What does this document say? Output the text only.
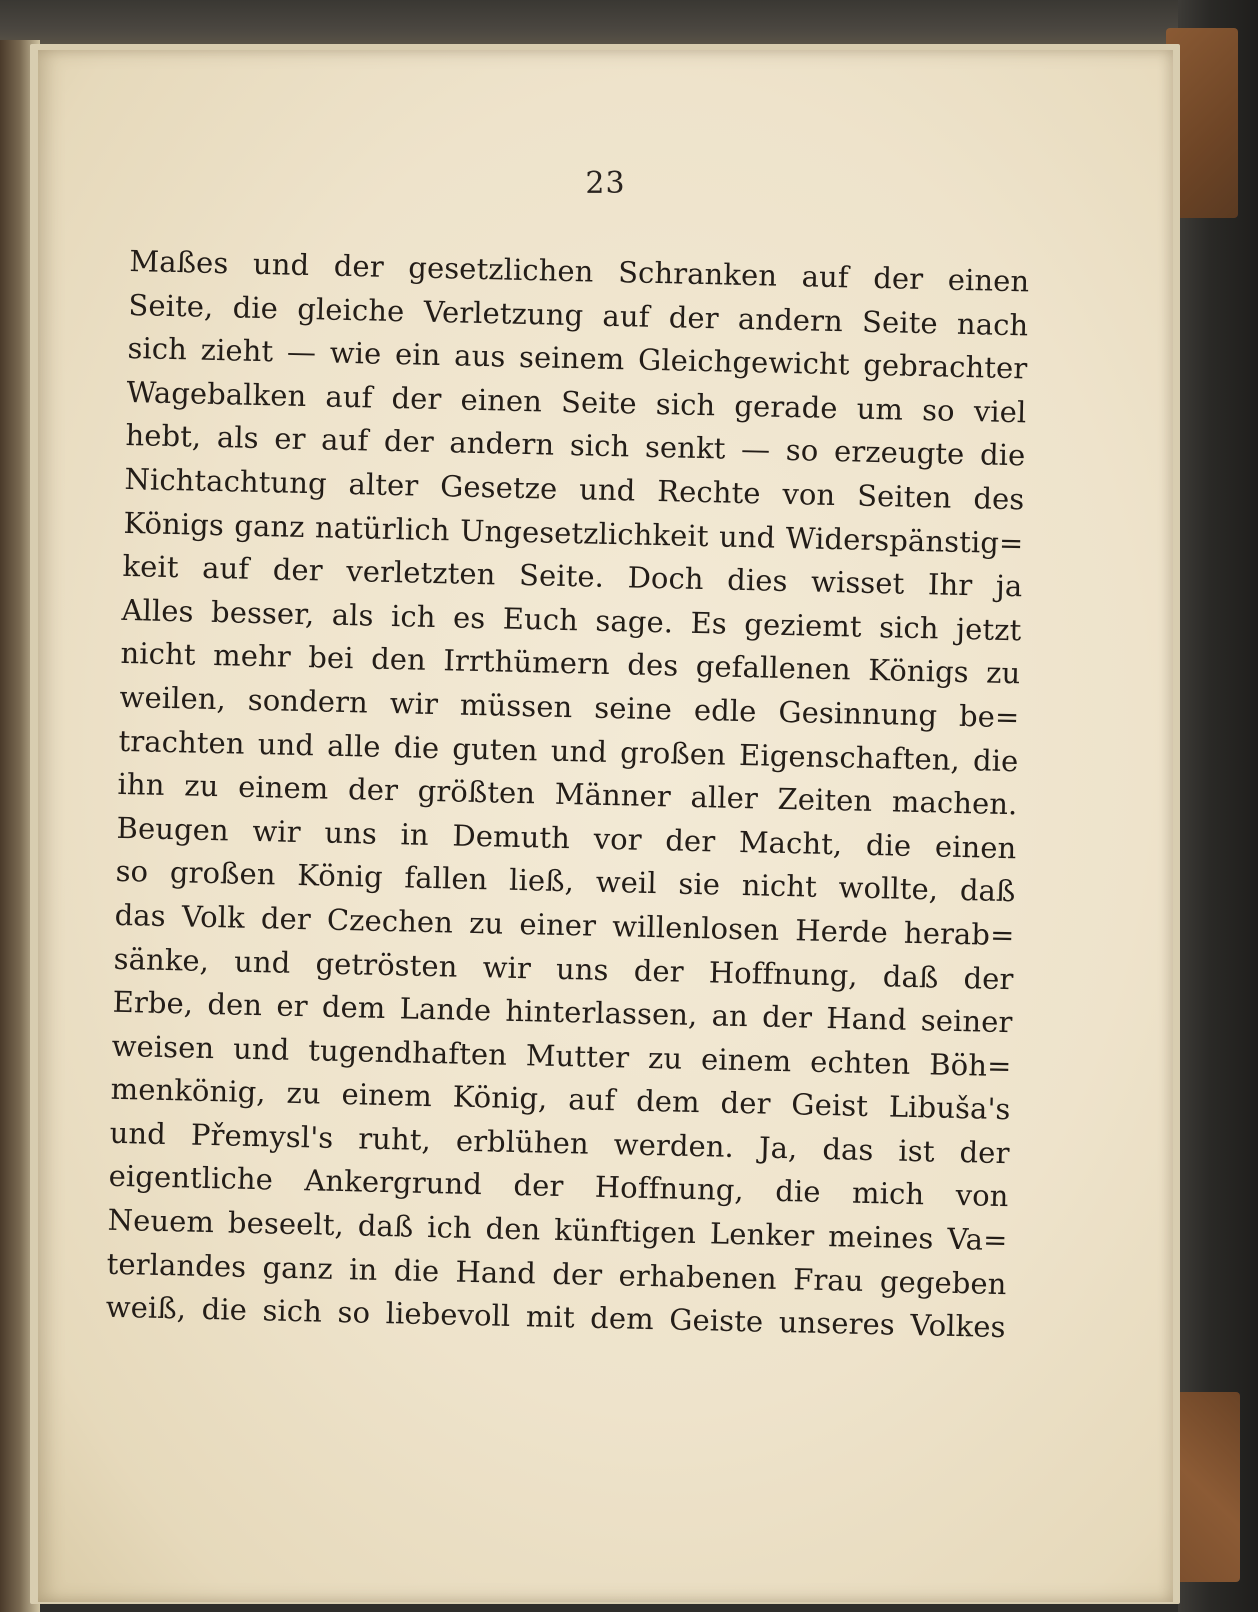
23
Maßes und der gesetzlichen Schranken auf der einen
Seite, die gleiche Verletzung auf der andern Seite nach
sich zieht — wie ein aus seinem Gleichgewicht gebrachter
Wagebalken auf der einen Seite sich gerade um so viel
hebt, als er auf der andern sich senkt — so erzeugte die
Nichtachtung alter Gesetze und Rechte von Seiten des
Königs ganz natürlich Ungesetzlichkeit und Widerspänstig=
keit auf der verletzten Seite. Doch dies wisset Ihr ja
Alles besser, als ich es Euch sage. Es geziemt sich jetzt
nicht mehr bei den Irrthümern des gefallenen Königs zu
weilen, sondern wir müssen seine edle Gesinnung be=
trachten und alle die guten und großen Eigenschaften, die
ihn zu einem der größten Männer aller Zeiten machen.
Beugen wir uns in Demuth vor der Macht, die einen
so großen König fallen ließ, weil sie nicht wollte, daß
das Volk der Czechen zu einer willenlosen Herde herab=
sänke, und getrösten wir uns der Hoffnung, daß der
Erbe, den er dem Lande hinterlassen, an der Hand seiner
weisen und tugendhaften Mutter zu einem echten Böh=
menkönig, zu einem König, auf dem der Geist Libuša's
und Přemysl's ruht, erblühen werden. Ja, das ist der
eigentliche Ankergrund der Hoffnung, die mich von
Neuem beseelt, daß ich den künftigen Lenker meines Va=
terlandes ganz in die Hand der erhabenen Frau gegeben
weiß, die sich so liebevoll mit dem Geiste unseres Volkes
